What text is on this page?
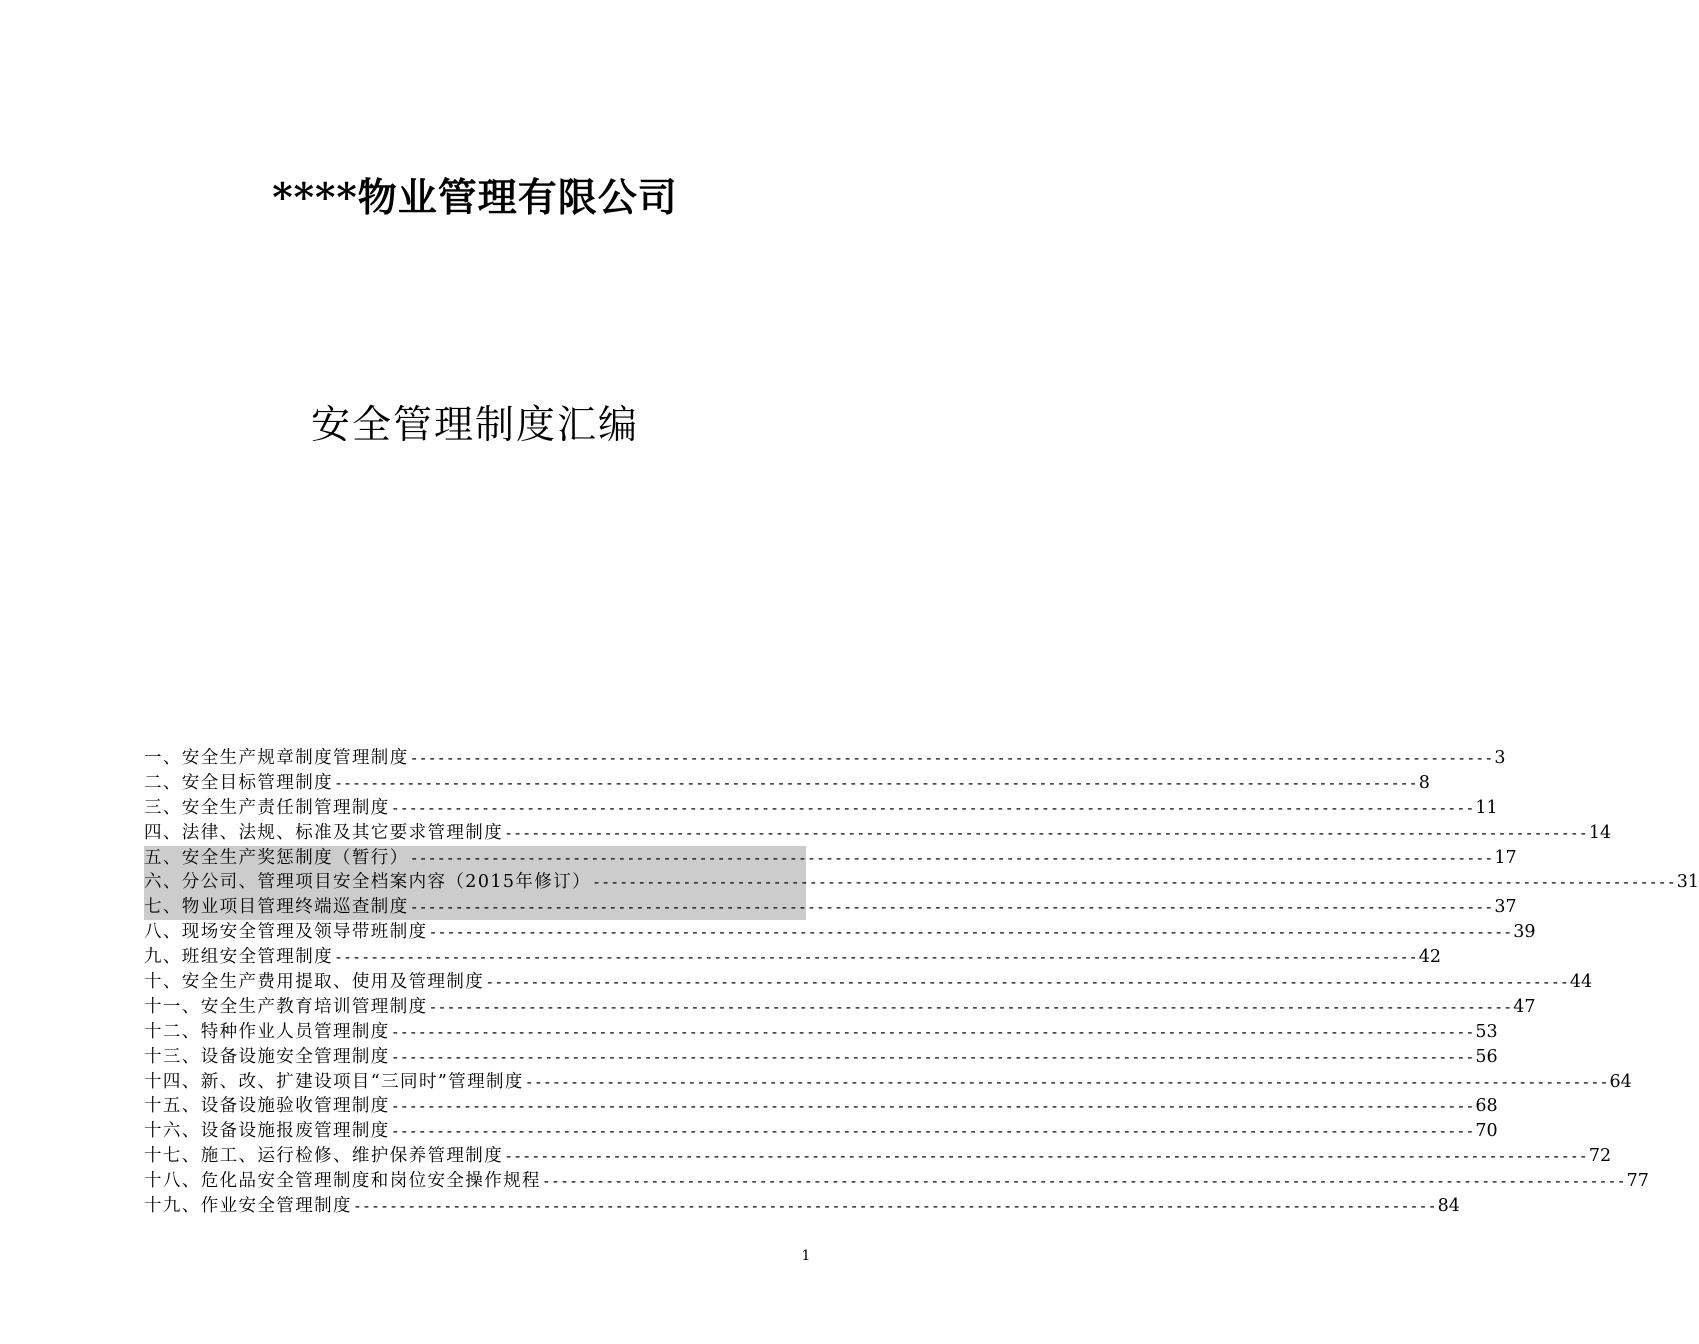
****物业管理有限公司
安全管理制度汇编
一、安全生产规章制度管理制度 ------------------------------------------------------------------------------------------------------------------------ 3
二、安全目标管理制度 ------------------------------------------------------------------------------------------------------------------------ 8
三、安全生产责任制管理制度 ------------------------------------------------------------------------------------------------------------------------ 11
四、法律、法规、标准及其它要求管理制度 ------------------------------------------------------------------------------------------------------------------------ 14
五、安全生产奖惩制度（暂行） ------------------------------------------------------------------------------------------------------------------------ 17
六、分公司、管理项目安全档案内容（2015年修订） ------------------------------------------------------------------------------------------------------------------------ 31
七、物业项目管理终端巡查制度 ------------------------------------------------------------------------------------------------------------------------ 37
八、现场安全管理及领导带班制度 ------------------------------------------------------------------------------------------------------------------------ 39
九、班组安全管理制度 ------------------------------------------------------------------------------------------------------------------------ 42
十、安全生产费用提取、使用及管理制度 ------------------------------------------------------------------------------------------------------------------------ 44
十一、安全生产教育培训管理制度 ------------------------------------------------------------------------------------------------------------------------ 47
十二、特种作业人员管理制度 ------------------------------------------------------------------------------------------------------------------------ 53
十三、设备设施安全管理制度 ------------------------------------------------------------------------------------------------------------------------ 56
十四、新、改、扩建设项目“三同时”管理制度 ------------------------------------------------------------------------------------------------------------------------ 64
十五、设备设施验收管理制度 ------------------------------------------------------------------------------------------------------------------------ 68
十六、设备设施报废管理制度 ------------------------------------------------------------------------------------------------------------------------ 70
十七、施工、运行检修、维护保养管理制度 ------------------------------------------------------------------------------------------------------------------------ 72
十八、危化品安全管理制度和岗位安全操作规程 ------------------------------------------------------------------------------------------------------------------------ 77
十九、作业安全管理制度 ------------------------------------------------------------------------------------------------------------------------ 84
1
